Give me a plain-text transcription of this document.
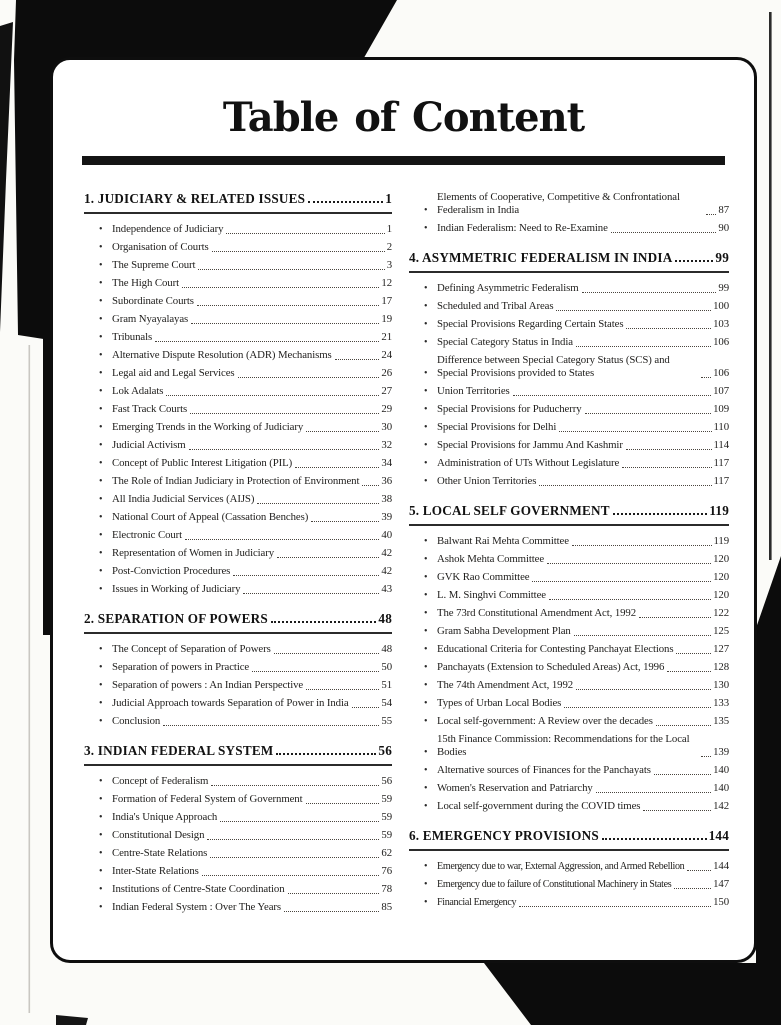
Table of Content
1. JUDICIARY & RELATED ISSUES	1
• Independence of Judiciary	1
• Organisation of Courts	2
• The Supreme Court	3
• The High Court	12
• Subordinate Courts	17
• Gram Nyayalayas	19
• Tribunals	21
• Alternative Dispute Resolution (ADR) Mechanisms	24
• Legal aid and Legal Services	26
• Lok Adalats	27
• Fast Track Courts	29
• Emerging Trends in the Working of Judiciary	30
• Judicial Activism	32
• Concept of Public Interest Litigation (PIL)	34
• The Role of Indian Judiciary in Protection of Environment 36
• All India Judicial Services (AIJS)	38
• National Court of Appeal (Cassation Benches)	39
• Electronic Court	40
• Representation of Women in Judiciary	42
• Post-Conviction Procedures	42
• Issues in Working of Judiciary	43
2. SEPARATION OF POWERS	48
• The Concept of Separation of Powers	48
• Separation of powers in Practice	50
• Separation of powers : An Indian Perspective	51
• Judicial Approach towards Separation of Power in India	54
• Conclusion	55
3. INDIAN FEDERAL SYSTEM	56
• Concept of Federalism	56
• Formation of Federal System of Government	59
• India's Unique Approach	59
• Constitutional Design	59
• Centre-State Relations	62
• Inter-State Relations	76
• Institutions of Centre-State Coordination	78
• Indian Federal System : Over The Years	85
•
Elements of Cooperative, Competitive & Confrontational Federalism in India	87
• Indian Federalism: Need to Re-Examine	90
4. ASYMMETRIC FEDERALISM IN INDIA	99
• Defining Asymmetric Federalism	99
• Scheduled and Tribal Areas	100
• Special Provisions Regarding Certain States	103
• Special Category Status in India	106
•
Difference between Special Category Status (SCS) and Special Provisions provided to States	106
• Union Territories	107
• Special Provisions for Puducherry	109
• Special Provisions for Delhi	110
• Special Provisions for Jammu And Kashmir	114
• Administration of UTs Without Legislature	117
• Other Union Territories	117
5. LOCAL SELF GOVERNMENT	119
• Balwant Rai Mehta Committee	119
• Ashok Mehta Committee	120
• GVK Rao Committee	120
• L. M. Singhvi Committee	120
• The 73rd Constitutional Amendment Act, 1992	122
• Gram Sabha Development Plan	125
• Educational Criteria for Contesting Panchayat Elections	127
• Panchayats (Extension to Scheduled Areas) Act, 1996	128
• The 74th Amendment Act, 1992	130
• Types of Urban Local Bodies	133
• Local self-government: A Review over the decades	135
•
15th Finance Commission: Recommendations for the Local Bodies	139
• Alternative sources of Finances for the Panchayats	140
• Women's Reservation and Patriarchy	140
• Local self-government during the COVID times	142
6. EMERGENCY PROVISIONS	144
• Emergency due to war, External Aggression, and Armed Rebellion	144
• Emergency due to failure of Constitutional Machinery in States	147
• Financial Emergency	150
